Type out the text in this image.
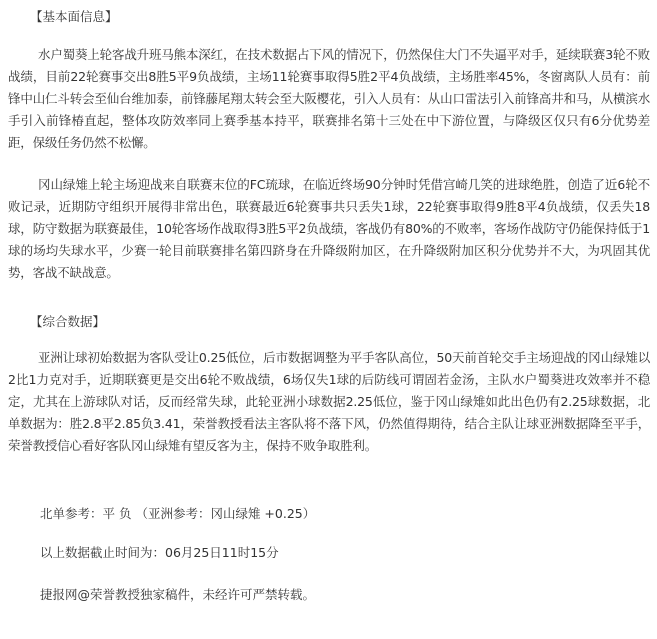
【基本面信息】

水户蜀葵上轮客战升班马熊本深红，在技术数据占下风的情况下，仍然保住大门不失逼平对手，延续联赛3轮不败战绩，目前22轮赛事交出8胜5平9负战绩，主场11轮赛事取得5胜2平4负战绩，主场胜率45%，冬窗离队人员有：前锋中山仁斗转会至仙台维加泰，前锋藤尾翔太转会至大阪樱花，引入人员有：从山口雷法引入前锋高井和马，从横滨水手引入前锋椿直起，整体攻防效率同上赛季基本持平，联赛排名第十三处在中下游位置，与降级区仅只有6分优势差距，保级任务仍然不松懈。

冈山绿雉上轮主场迎战来自联赛末位的FC琉球，在临近终场90分钟时凭借宫崎几笑的进球绝胜，创造了近6轮不败记录，近期防守组织开展得非常出色，联赛最近6轮赛事共只丢失1球，22轮赛事取得9胜8平4负战绩，仅丢失18球，防守数据为联赛最佳，10轮客场作战取得3胜5平2负战绩，客战仍有80%的不败率，客场作战防守仍能保持低于1球的场均失球水平，少赛一轮目前联赛排名第四跻身在升降级附加区，在升降级附加区积分优势并不大，为巩固其优势，客战不缺战意。

【综合数据】

亚洲让球初始数据为客队受让0.25低位，后市数据调整为平手客队高位，50天前首轮交手主场迎战的冈山绿雉以2比1力克对手，近期联赛更是交出6轮不败战绩，6场仅失1球的后防线可谓固若金汤，主队水户蜀葵进攻效率并不稳定，尤其在上游球队对话，反而经常失球，此轮亚洲小球数据2.25低位，鉴于冈山绿雉如此出色仍有2.25球数据，北单数据为：胜2.8平2.85负3.41，荣誉教授看法主客队将不落下风，仍然值得期待，结合主队让球亚洲数据降至平手，荣誉教授信心看好客队冈山绿雉有望反客为主，保持不败争取胜利。

北单参考：平 负 （亚洲参考：冈山绿雉 +0.25）
以上数据截止时间为：06月25日11时15分
捷报网@荣誉教授独家稿件，未经许可严禁转载。
